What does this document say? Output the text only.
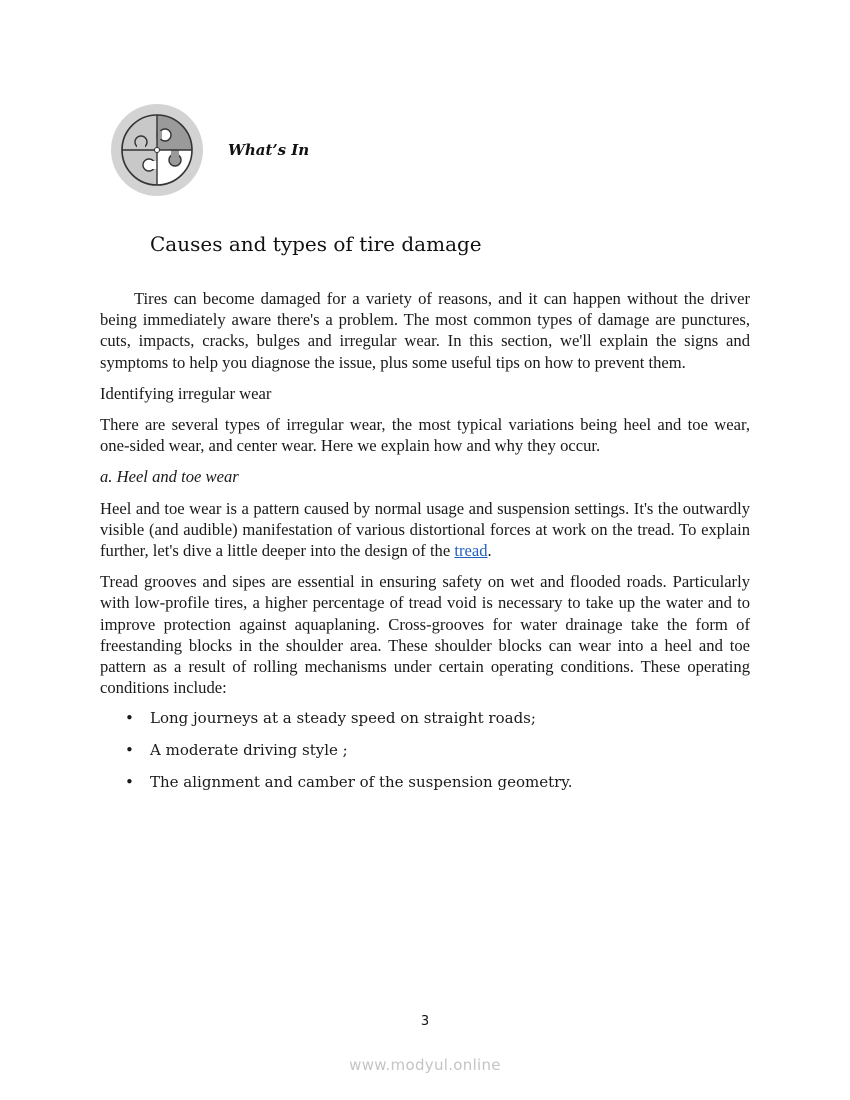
What’s In
Causes and types of tire damage

Tires can become damaged for a variety of reasons, and it can happen without the driver being immediately aware there's a problem. The most common types of damage are punctures, cuts, impacts, cracks, bulges and irregular wear. In this section, we'll explain the signs and symptoms to help you diagnose the issue, plus some useful tips on how to prevent them.

Identifying irregular wear

There are several types of irregular wear, the most typical variations being heel and toe wear, one-sided wear, and center wear. Here we explain how and why they occur.

a. Heel and toe wear

Heel and toe wear is a pattern caused by normal usage and suspension settings. It's the outwardly visible (and audible) manifestation of various distortional forces at work on the tread. To explain further, let's dive a little deeper into the design of the tread.

Tread grooves and sipes are essential in ensuring safety on wet and flooded roads. Particularly with low-profile tires, a higher percentage of tread void is necessary to take up the water and to improve protection against aquaplaning. Cross-grooves for water drainage take the form of freestanding blocks in the shoulder area. These shoulder blocks can wear into a heel and toe pattern as a result of rolling mechanisms under certain operating conditions. These operating conditions include:

• Long journeys at a steady speed on straight roads;
• A moderate driving style ;
• The alignment and camber of the suspension geometry.
3
www.modyul.online
